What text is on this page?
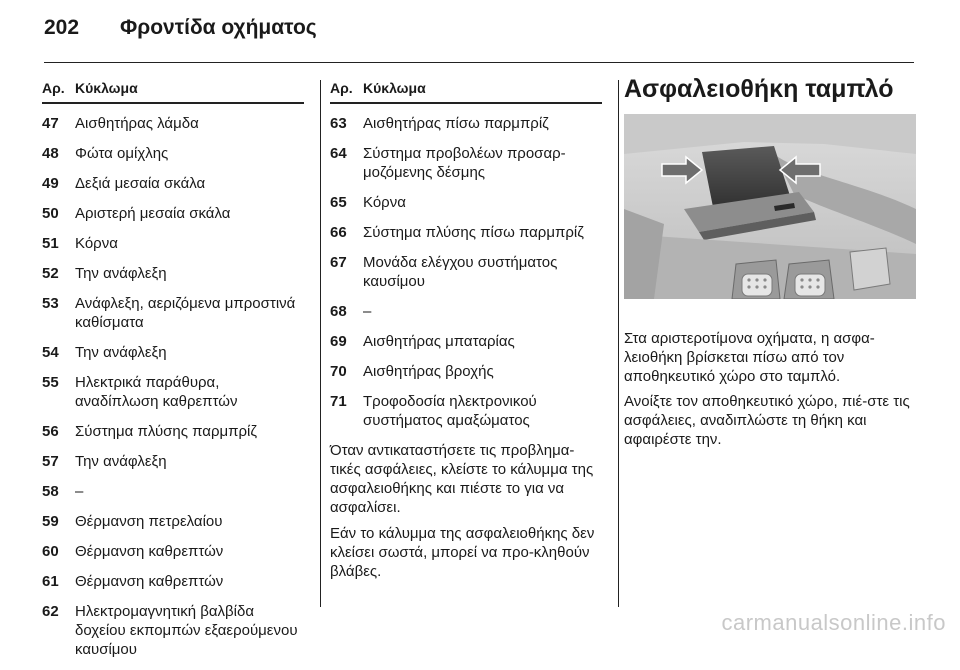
202	Φροντίδα οχήματος
Αρ. Κύκλωμα
47	Αισθητήρας λάμδα
48	Φώτα ομίχλης
49	Δεξιά μεσαία σκάλα
50	Αριστερή μεσαία σκάλα
51	Κόρνα
52	Την ανάφλεξη
53	Ανάφλεξη, αεριζόμενα μπροστινά καθίσματα
54	Την ανάφλεξη
55	Ηλεκτρικά παράθυρα, αναδίπλωση καθρεπτών
56	Σύστημα πλύσης παρμπρίζ
57	Την ανάφλεξη
58	–
59	Θέρμανση πετρελαίου
60	Θέρμανση καθρεπτών
61	Θέρμανση καθρεπτών
62	Ηλεκτρομαγνητική βαλβίδα δοχείου εκπομπών εξαερούμενου καυσίμου
Αρ. Κύκλωμα
63	Αισθητήρας πίσω παρμπρίζ
64	Σύστημα προβολέων προσαρ-μοζόμενης δέσμης
65	Κόρνα
66	Σύστημα πλύσης πίσω παρμπρίζ
67	Μονάδα ελέγχου συστήματος καυσίμου
68	–
69	Αισθητήρας μπαταρίας
70	Αισθητήρας βροχής
71	Τροφοδοσία ηλεκτρονικού συστήματος αμαξώματος

Όταν αντικαταστήσετε τις προβλημα-τικές ασφάλειες, κλείστε το κάλυμμα της ασφαλειοθήκης και πιέστε το για να ασφαλίσει.

Εάν το κάλυμμα της ασφαλειοθήκης δεν κλείσει σωστά, μπορεί να προ-κληθούν βλάβες.

Ασφαλειοθήκη ταμπλό

Στα αριστεροτίμονα οχήματα, η ασφα-λειοθήκη βρίσκεται πίσω από τον αποθηκευτικό χώρο στο ταμπλό.

Ανοίξτε τον αποθηκευτικό χώρο, πιέ-στε τις ασφάλειες, αναδιπλώστε τη θήκη και αφαιρέστε την.

carmanualsonline.info
